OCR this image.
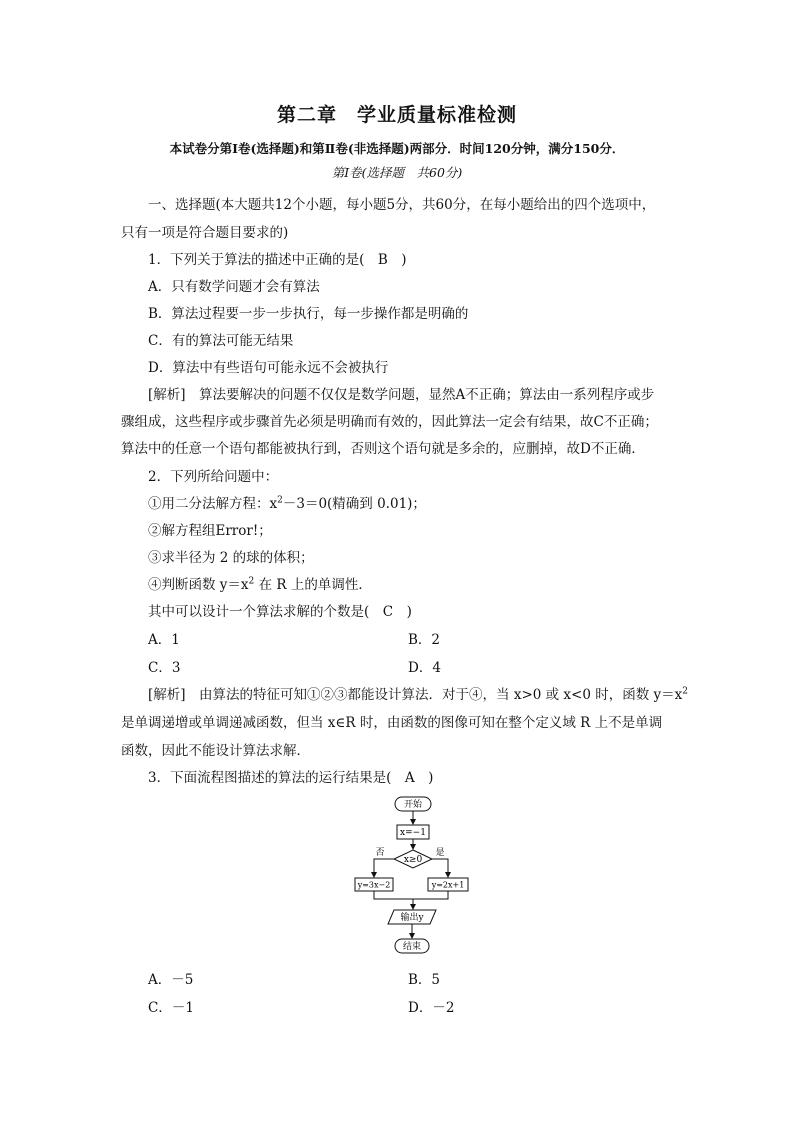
第二章　学业质量标准检测
本试卷分第Ⅰ卷(选择题)和第Ⅱ卷(非选择题)两部分．时间120分钟，满分150分．
第Ⅰ卷(选择题　共60分)
一、选择题(本大题共12个小题，每小题5分，共60分，在每小题给出的四个选项中，
只有一项是符合题目要求的)
1．下列关于算法的描述中正确的是(　B　)
A．只有数学问题才会有算法
B．算法过程要一步一步执行，每一步操作都是明确的
C．有的算法可能无结果
D．算法中有些语句可能永远不会被执行
[解析]　算法要解决的问题不仅仅是数学问题，显然A不正确；算法由一系列程序或步
骤组成，这些程序或步骤首先必须是明确而有效的，因此算法一定会有结果，故C不正确；
算法中的任意一个语句都能被执行到，否则这个语句就是多余的，应删掉，故D不正确．
2．下列所给问题中：
①用二分法解方程：$x^2-3=0$(精确到 0.01)；
②解方程组Error!；
③求半径为 2 的球的体积；
④判断函数 $y=x^2$ 在 R 上的单调性．
其中可以设计一个算法求解的个数是(　C　)
A．1	B．2
C．3	D．4
[解析]　由算法的特征可知①②③都能设计算法．对于④，当 x>0 或 x<0 时，函数 $y=x^2$
是单调递增或单调递减函数，但当 x∈R 时，由函数的图像可知在整个定义域 R 上不是单调
函数，因此不能设计算法求解．
3．下面流程图描述的算法的运行结果是(　A　)
开始
x=−1
x≥0
否	是
y=3x−2	y=2x+1
输出y
结束
A．－5	B．5
C．－1	D．－2
